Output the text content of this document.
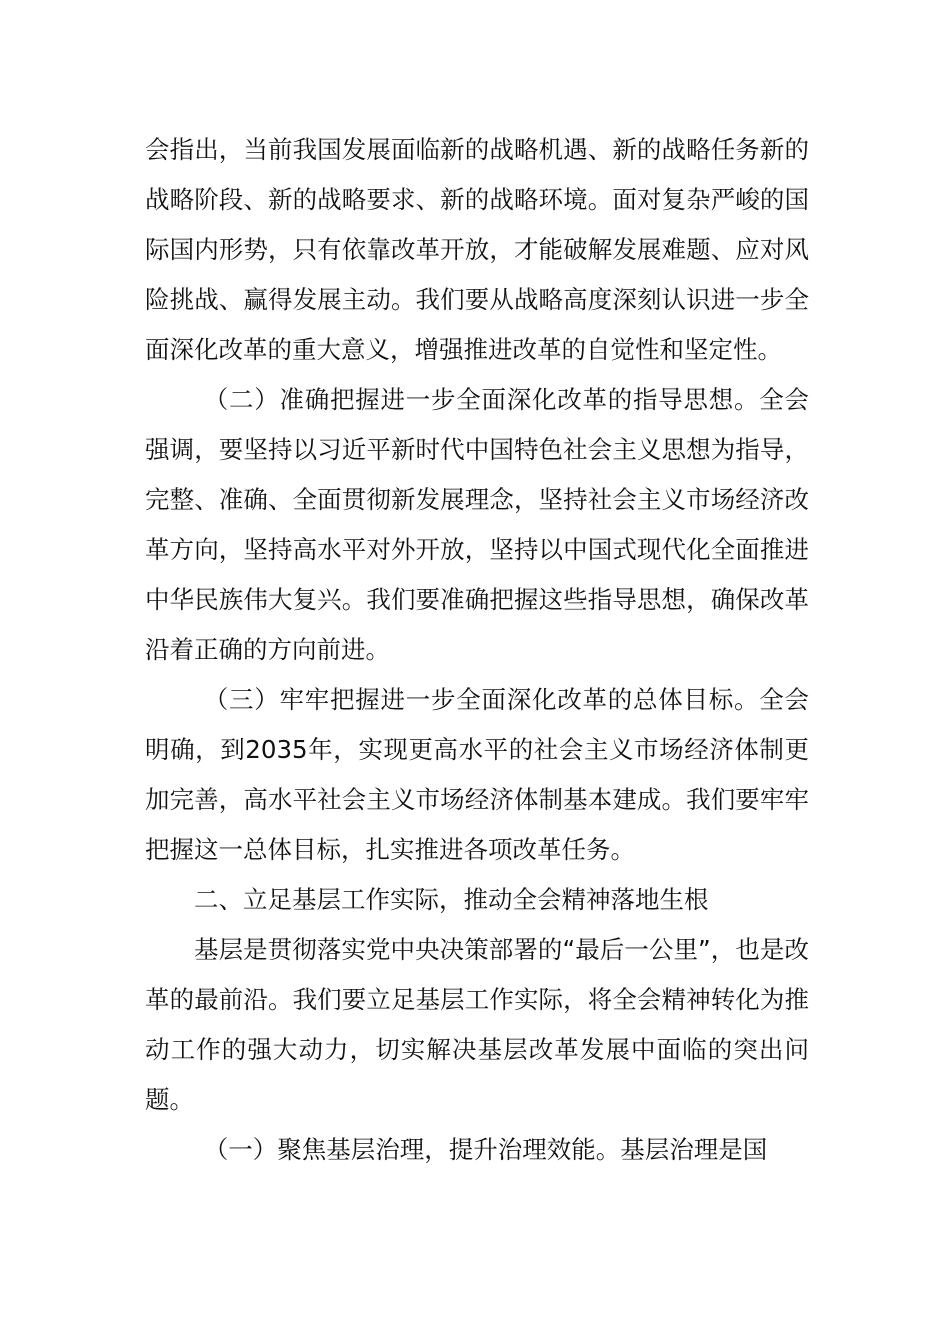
会指出，当前我国发展面临新的战略机遇、新的战略任务新的战略阶段、新的战略要求、新的战略环境。面对复杂严峻的国际国内形势，只有依靠改革开放，才能破解发展难题、应对风险挑战、赢得发展主动。我们要从战略高度深刻认识进一步全面深化改革的重大意义，增强推进改革的自觉性和坚定性。

（二）准确把握进一步全面深化改革的指导思想。全会强调，要坚持以习近平新时代中国特色社会主义思想为指导，完整、准确、全面贯彻新发展理念，坚持社会主义市场经济改革方向，坚持高水平对外开放，坚持以中国式现代化全面推进中华民族伟大复兴。我们要准确把握这些指导思想，确保改革沿着正确的方向前进。

（三）牢牢把握进一步全面深化改革的总体目标。全会明确，到2035年，实现更高水平的社会主义市场经济体制更加完善，高水平社会主义市场经济体制基本建成。我们要牢牢把握这一总体目标，扎实推进各项改革任务。

二、立足基层工作实际，推动全会精神落地生根

基层是贯彻落实党中央决策部署的“最后一公里”，也是改革的最前沿。我们要立足基层工作实际，将全会精神转化为推动工作的强大动力，切实解决基层改革发展中面临的突出问题。

（一）聚焦基层治理，提升治理效能。基层治理是国
